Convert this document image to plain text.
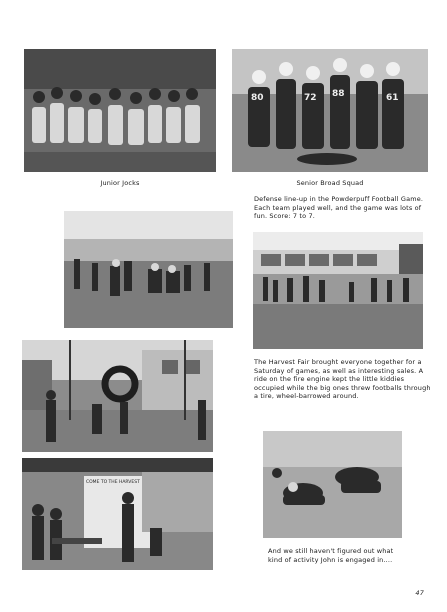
80	72 88	61
Junior Jocks	Senior Broad Squad
Defense line-up in the Powderpuff Football Game. Each team played well, and the game was lots of fun. Score: 7 to 7.
The Harvest Fair brought everyone together for a Saturday of games, as well as interesting sales. A ride on the fire engine kept the little kiddies occupied while the big ones threw footballs through a tire, wheel-barrowed around.
COME TO THE HARVEST
And we still haven't figured out what kind of activity John is engaged in....
47
